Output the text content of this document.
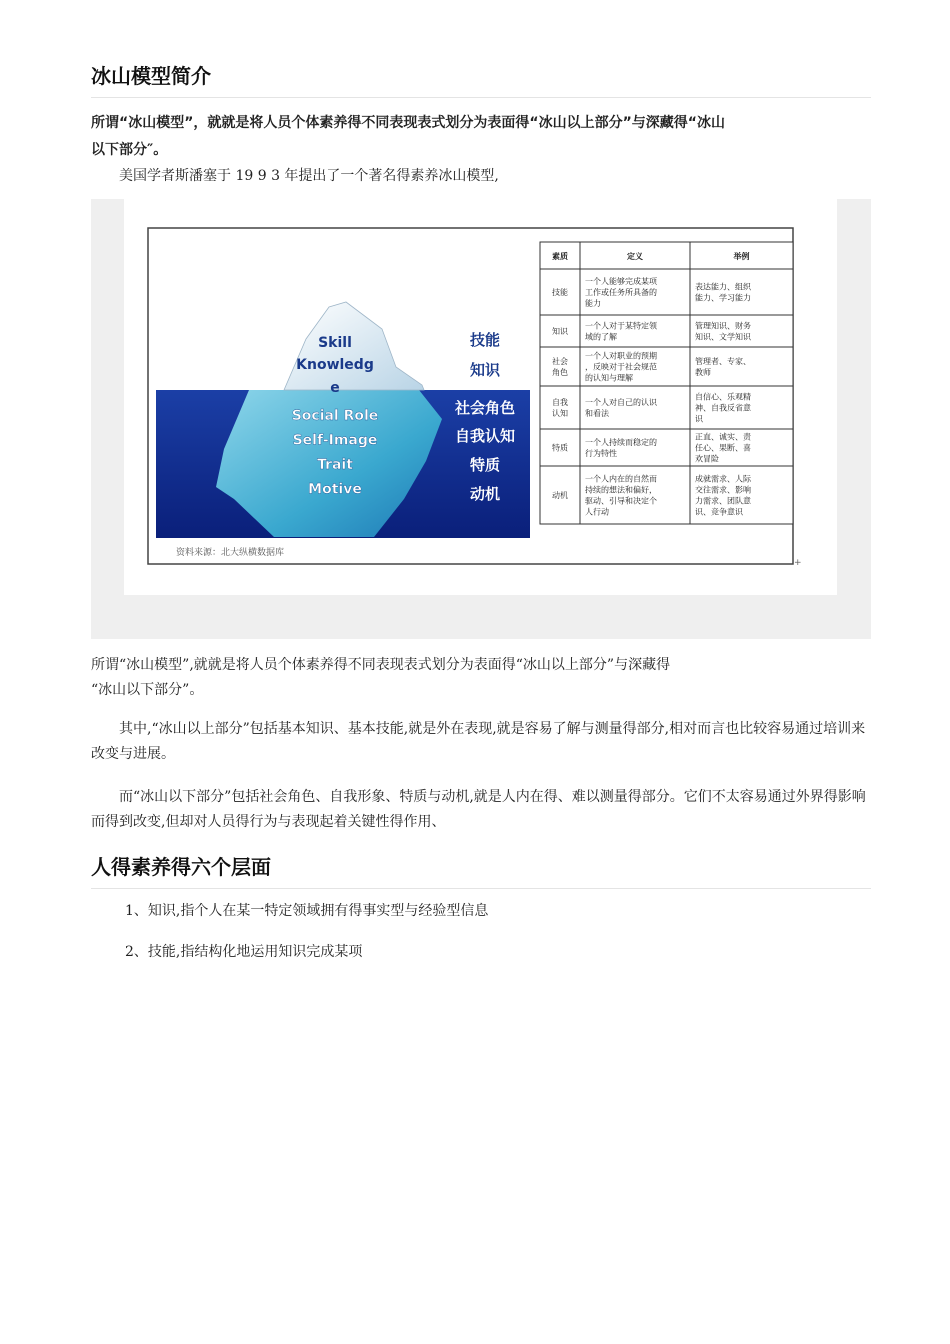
冰山模型简介

所谓“冰山模型”，就就是将人员个体素养得不同表现表式划分为表面得“冰山以上部分”与深藏得“冰山
以下部分″。

美国学者斯潘塞于 19 9 3 年提出了一个著名得素养冰山模型,

Skill
Knowledg
e
Social Role
Self-Image
Trait
Motive
技能
知识
社会角色
自我认知
特质
动机
资料来源：北大纵横数据库
素质	定义	举例
技能
一个人能够完成某项
工作或任务所具备的
能力
表达能力、组织
能力、学习能力
知识
一个人对于某特定领
域的了解
管理知识、财务
知识、文学知识
社会
角色
一个人对职业的预期
，反映对于社会规范
的认知与理解
管理者、专家、
教师
自我
认知
一个人对自己的认识
和看法
自信心、乐观精
神、自我反省意
识
特质
一个人持续而稳定的
行为特性
正直、诚实、责
任心、果断、喜
欢冒险
动机
一个人内在的自然而
持续的想法和偏好，
驱动、引导和决定个
人行动
成就需求、人际
交往需求、影响
力需求、团队意
识、竞争意识
+

所谓“冰山模型”,就就是将人员个体素养得不同表现表式划分为表面得“冰山以上部分”与深藏得
“冰山以下部分”。

其中,“冰山以上部分”包括基本知识、基本技能,就是外在表现,就是容易了解与测量得部分,相对而言也比较容易通过培训来改变与进展。

而“冰山以下部分”包括社会角色、自我形象、特质与动机,就是人内在得、难以测量得部分。它们不太容易通过外界得影响而得到改变,但却对人员得行为与表现起着关键性得作用、

人得素养得六个层面

1、知识,指个人在某一特定领域拥有得事实型与经验型信息

2、技能,指结构化地运用知识完成某项
